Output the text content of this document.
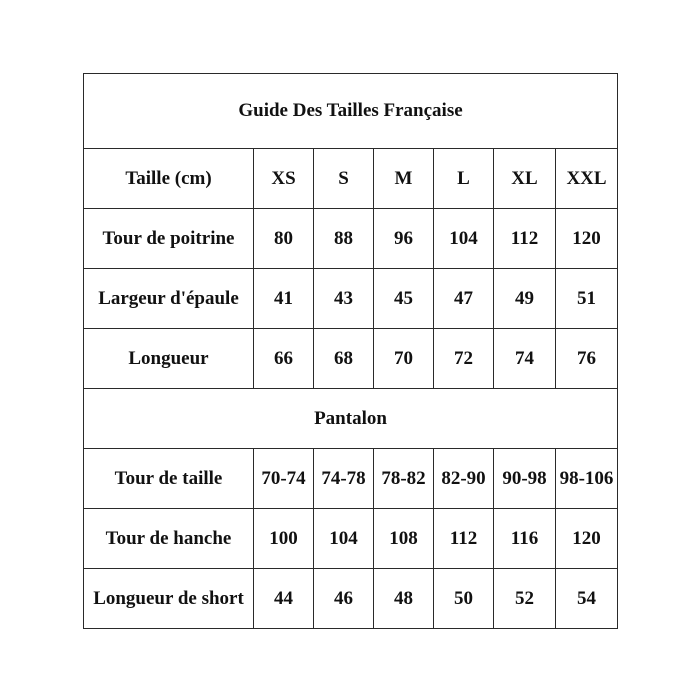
Guide Des Tailles Française						
Taille (cm)	XS	S	M	L	XL	XXL
Tour de poitrine	80	88	96	104	112	120
Largeur d'épaule	41	43	45	47	49	51
Longueur	66	68	70	72	74	76
Pantalon						
Tour de taille	70-74	74-78	78-82	82-90	90-98	98-106
Tour de hanche	100	104	108	112	116	120
Longueur de short	44	46	48	50	52	54
